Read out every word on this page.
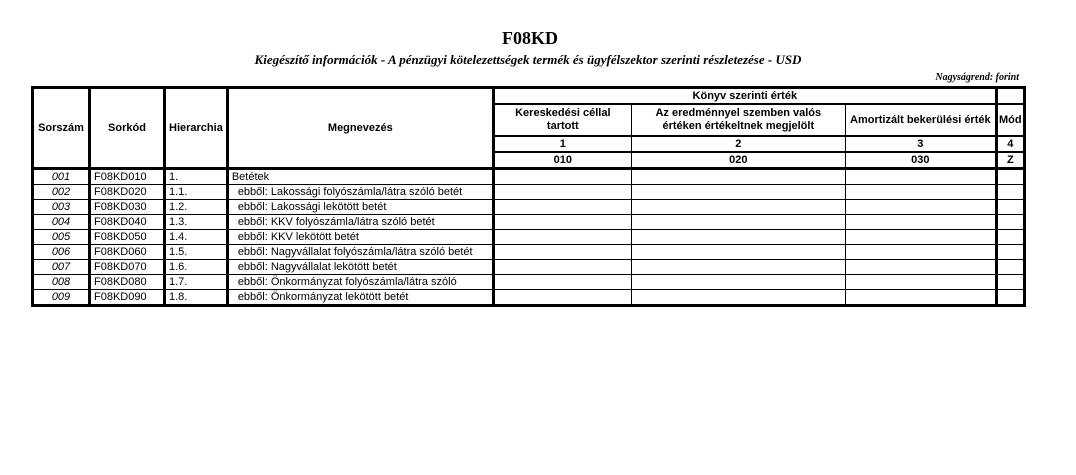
F08KD
Kiegészítő információk - A pénzügyi kötelezettségek termék és ügyfélszektor szerinti részletezése - USD
Nagyságrend: forint
Sorszám	Sorkód	Hierarchia	Megnevezés	Könyv szerinti érték			
				Kereskedési céllal tartott	Az eredménnyel szemben valós értéken értékeltnek megjelölt	Amortizált bekerülési érték	Mód
				1	2	3	4
				010	020	030	Z
001	F08KD010	1.	Betétek				
002	F08KD020	1.1.	ebből: Lakossági folyószámla/látra szóló betét				
003	F08KD030	1.2.	ebből: Lakossági lekötött betét				
004	F08KD040	1.3.	ebből: KKV folyószámla/látra szóló betét				
005	F08KD050	1.4.	ebből: KKV lekötött betét				
006	F08KD060	1.5.	ebből: Nagyvállalat folyószámla/látra szóló betét				
007	F08KD070	1.6.	ebből: Nagyvállalat lekötött betét				
008	F08KD080	1.7.	ebből: Önkormányzat folyószámla/látra szóló				
009	F08KD090	1.8.	ebből: Önkormányzat lekötött betét				
